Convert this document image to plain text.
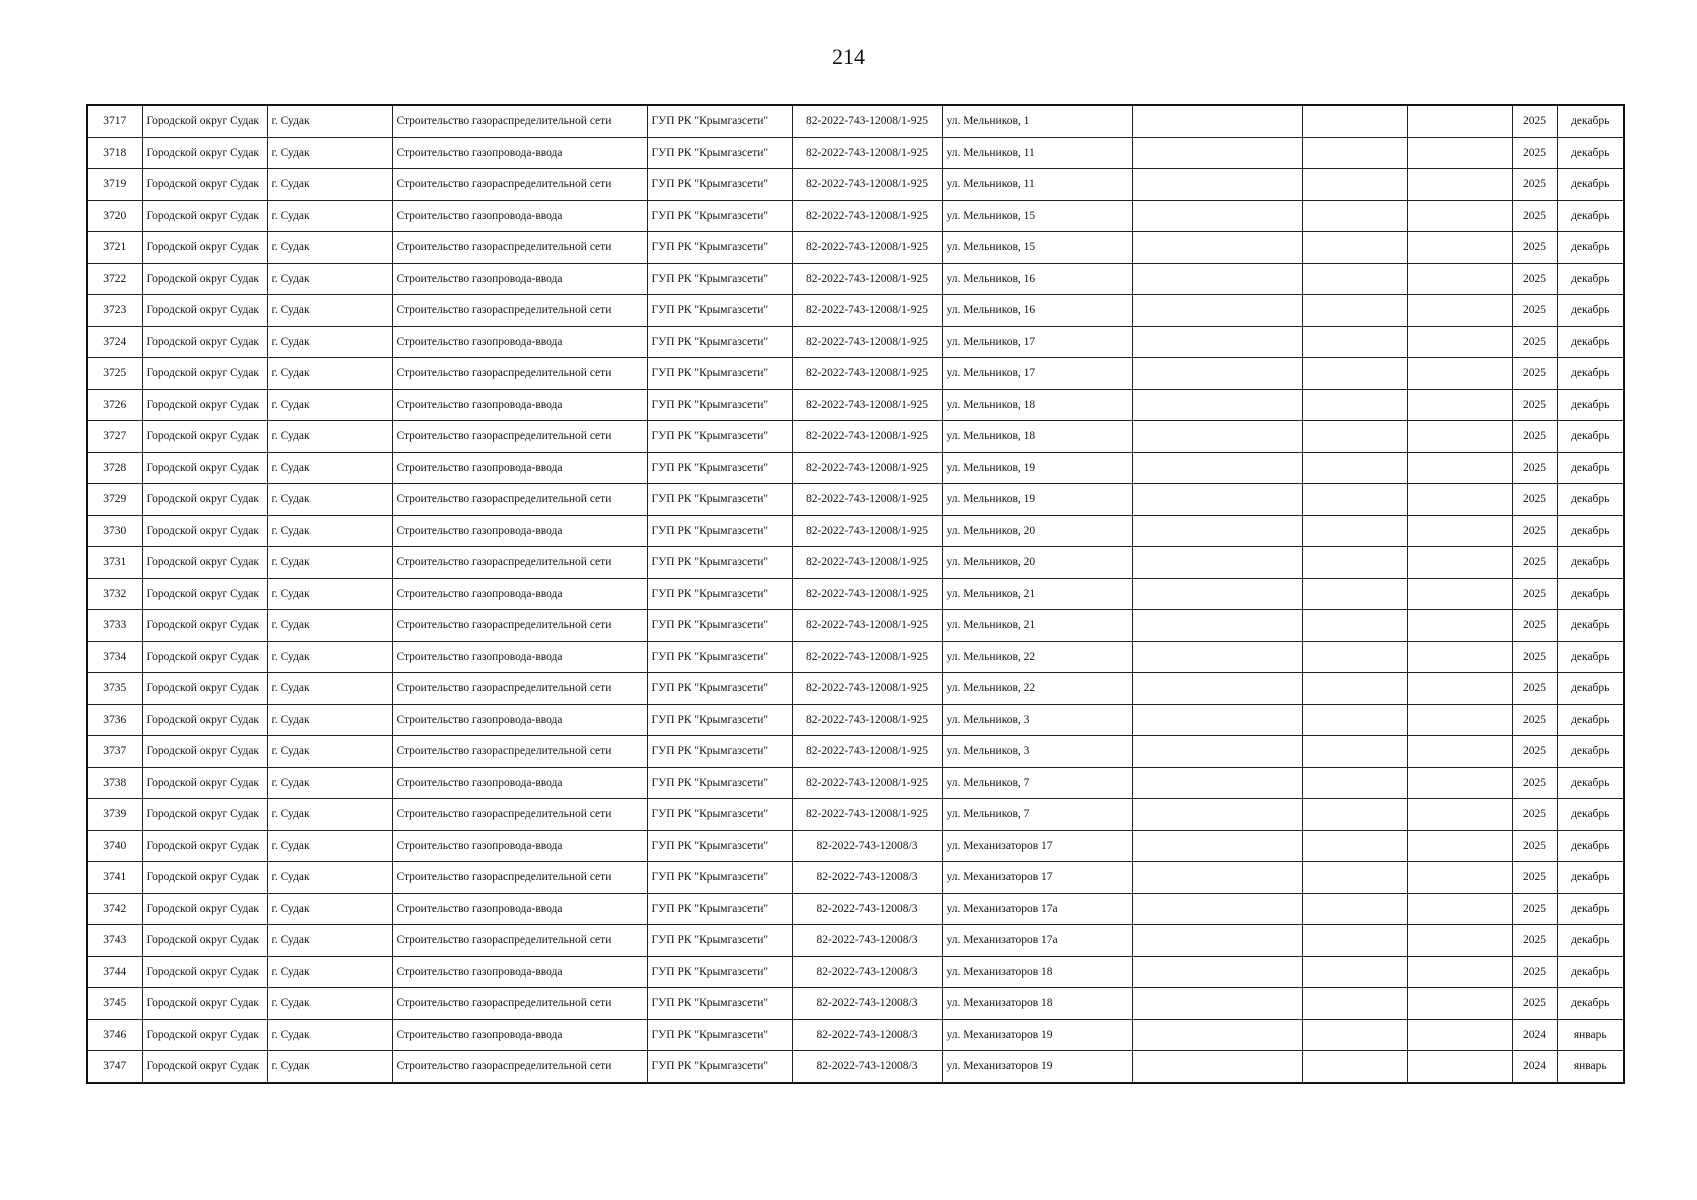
214
3717	Городской округ Судак	г. Судак	Строительство газораспределительной сети	ГУП РК "Крымгазсети"	82-2022-743-12008/1-925	ул. Мельников, 1				2025	декабрь
3718	Городской округ Судак	г. Судак	Строительство газопровода-ввода	ГУП РК "Крымгазсети"	82-2022-743-12008/1-925	ул. Мельников, 11				2025	декабрь
3719	Городской округ Судак	г. Судак	Строительство газораспределительной сети	ГУП РК "Крымгазсети"	82-2022-743-12008/1-925	ул. Мельников, 11				2025	декабрь
3720	Городской округ Судак	г. Судак	Строительство газопровода-ввода	ГУП РК "Крымгазсети"	82-2022-743-12008/1-925	ул. Мельников, 15				2025	декабрь
3721	Городской округ Судак	г. Судак	Строительство газораспределительной сети	ГУП РК "Крымгазсети"	82-2022-743-12008/1-925	ул. Мельников, 15				2025	декабрь
3722	Городской округ Судак	г. Судак	Строительство газопровода-ввода	ГУП РК "Крымгазсети"	82-2022-743-12008/1-925	ул. Мельников, 16				2025	декабрь
3723	Городской округ Судак	г. Судак	Строительство газораспределительной сети	ГУП РК "Крымгазсети"	82-2022-743-12008/1-925	ул. Мельников, 16				2025	декабрь
3724	Городской округ Судак	г. Судак	Строительство газопровода-ввода	ГУП РК "Крымгазсети"	82-2022-743-12008/1-925	ул. Мельников, 17				2025	декабрь
3725	Городской округ Судак	г. Судак	Строительство газораспределительной сети	ГУП РК "Крымгазсети"	82-2022-743-12008/1-925	ул. Мельников, 17				2025	декабрь
3726	Городской округ Судак	г. Судак	Строительство газопровода-ввода	ГУП РК "Крымгазсети"	82-2022-743-12008/1-925	ул. Мельников, 18				2025	декабрь
3727	Городской округ Судак	г. Судак	Строительство газораспределительной сети	ГУП РК "Крымгазсети"	82-2022-743-12008/1-925	ул. Мельников, 18				2025	декабрь
3728	Городской округ Судак	г. Судак	Строительство газопровода-ввода	ГУП РК "Крымгазсети"	82-2022-743-12008/1-925	ул. Мельников, 19				2025	декабрь
3729	Городской округ Судак	г. Судак	Строительство газораспределительной сети	ГУП РК "Крымгазсети"	82-2022-743-12008/1-925	ул. Мельников, 19				2025	декабрь
3730	Городской округ Судак	г. Судак	Строительство газопровода-ввода	ГУП РК "Крымгазсети"	82-2022-743-12008/1-925	ул. Мельников, 20				2025	декабрь
3731	Городской округ Судак	г. Судак	Строительство газораспределительной сети	ГУП РК "Крымгазсети"	82-2022-743-12008/1-925	ул. Мельников, 20				2025	декабрь
3732	Городской округ Судак	г. Судак	Строительство газопровода-ввода	ГУП РК "Крымгазсети"	82-2022-743-12008/1-925	ул. Мельников, 21				2025	декабрь
3733	Городской округ Судак	г. Судак	Строительство газораспределительной сети	ГУП РК "Крымгазсети"	82-2022-743-12008/1-925	ул. Мельников, 21				2025	декабрь
3734	Городской округ Судак	г. Судак	Строительство газопровода-ввода	ГУП РК "Крымгазсети"	82-2022-743-12008/1-925	ул. Мельников, 22				2025	декабрь
3735	Городской округ Судак	г. Судак	Строительство газораспределительной сети	ГУП РК "Крымгазсети"	82-2022-743-12008/1-925	ул. Мельников, 22				2025	декабрь
3736	Городской округ Судак	г. Судак	Строительство газопровода-ввода	ГУП РК "Крымгазсети"	82-2022-743-12008/1-925	ул. Мельников, 3				2025	декабрь
3737	Городской округ Судак	г. Судак	Строительство газораспределительной сети	ГУП РК "Крымгазсети"	82-2022-743-12008/1-925	ул. Мельников, 3				2025	декабрь
3738	Городской округ Судак	г. Судак	Строительство газопровода-ввода	ГУП РК "Крымгазсети"	82-2022-743-12008/1-925	ул. Мельников, 7				2025	декабрь
3739	Городской округ Судак	г. Судак	Строительство газораспределительной сети	ГУП РК "Крымгазсети"	82-2022-743-12008/1-925	ул. Мельников, 7				2025	декабрь
3740	Городской округ Судак	г. Судак	Строительство газопровода-ввода	ГУП РК "Крымгазсети"	82-2022-743-12008/3	ул. Механизаторов 17				2025	декабрь
3741	Городской округ Судак	г. Судак	Строительство газораспределительной сети	ГУП РК "Крымгазсети"	82-2022-743-12008/3	ул. Механизаторов 17				2025	декабрь
3742	Городской округ Судак	г. Судак	Строительство газопровода-ввода	ГУП РК "Крымгазсети"	82-2022-743-12008/3	ул. Механизаторов 17а				2025	декабрь
3743	Городской округ Судак	г. Судак	Строительство газораспределительной сети	ГУП РК "Крымгазсети"	82-2022-743-12008/3	ул. Механизаторов 17а				2025	декабрь
3744	Городской округ Судак	г. Судак	Строительство газопровода-ввода	ГУП РК "Крымгазсети"	82-2022-743-12008/3	ул. Механизаторов 18				2025	декабрь
3745	Городской округ Судак	г. Судак	Строительство газораспределительной сети	ГУП РК "Крымгазсети"	82-2022-743-12008/3	ул. Механизаторов 18				2025	декабрь
3746	Городской округ Судак	г. Судак	Строительство газопровода-ввода	ГУП РК "Крымгазсети"	82-2022-743-12008/3	ул. Механизаторов 19				2024	январь
3747	Городской округ Судак	г. Судак	Строительство газораспределительной сети	ГУП РК "Крымгазсети"	82-2022-743-12008/3	ул. Механизаторов 19				2024	январь
